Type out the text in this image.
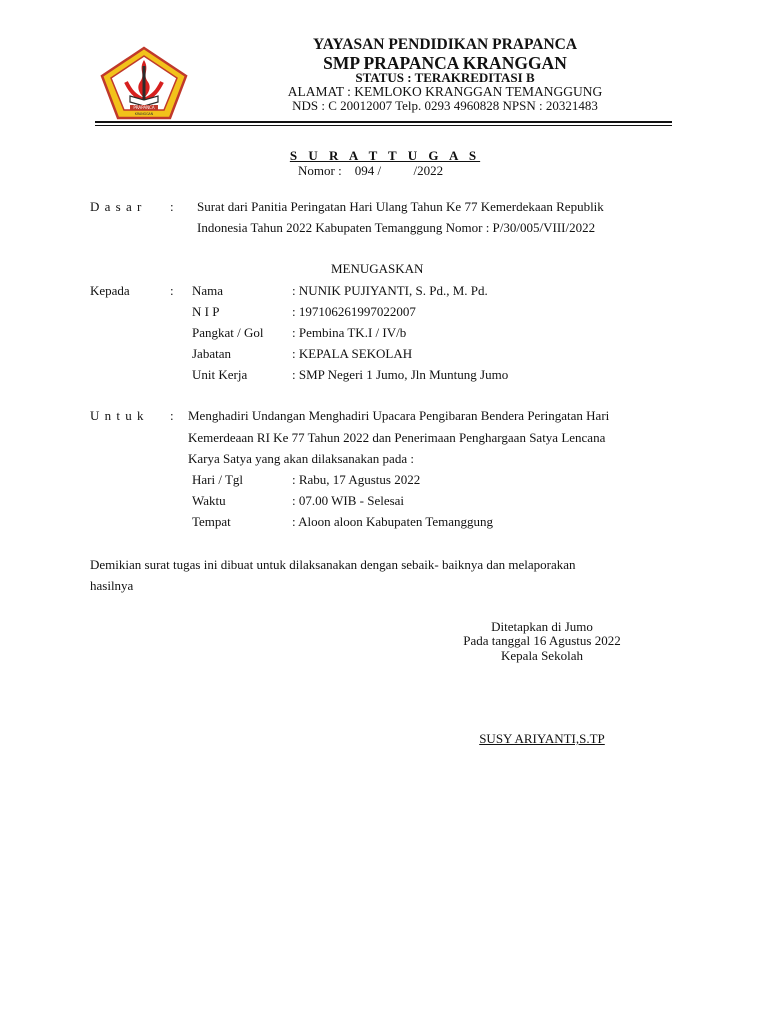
PRAPANCA
KRANGGAN
YAYASAN PENDIDIKAN PRAPANCA
SMP PRAPANCA KRANGGAN
STATUS : TERAKREDITASI B
ALAMAT : KEMLOKO KRANGGAN TEMANGGUNG
NDS : C 20012007 Telp. 0293 4960828 NPSN : 20321483
S U R A T T U G A S
Nomor :    094 /          /2022
D a s a r : Surat dari Panitia Peringatan Hari Ulang Tahun Ke 77 Kemerdekaan Republik
Indonesia Tahun 2022 Kabupaten Temanggung Nomor : P/30/005/VIII/2022
MENUGASKAN
Kepada	: Nama	: NUNIK PUJIYANTI, S. Pd., M. Pd.
N I P	: 197106261997022007
Pangkat / Gol : Pembina TK.I / IV/b
Jabatan	: KEPALA SEKOLAH
Unit Kerja	: SMP Negeri 1 Jumo, Jln Muntung Jumo
U n t u k : Menghadiri Undangan Menghadiri Upacara Pengibaran Bendera Peringatan Hari
Kemerdeaan RI Ke 77 Tahun 2022 dan Penerimaan Penghargaan Satya Lencana
Karya Satya yang akan dilaksanakan pada :
Hari / Tgl	: Rabu, 17 Agustus 2022
Waktu	: 07.00 WIB - Selesai
Tempat	: Aloon aloon Kabupaten Temanggung
Demikian surat tugas ini dibuat untuk dilaksanakan dengan sebaik- baiknya dan melaporakan
hasilnya
Ditetapkan di Jumo
Pada tanggal 16 Agustus 2022
Kepala Sekolah
SUSY ARIYANTI,S.TP
